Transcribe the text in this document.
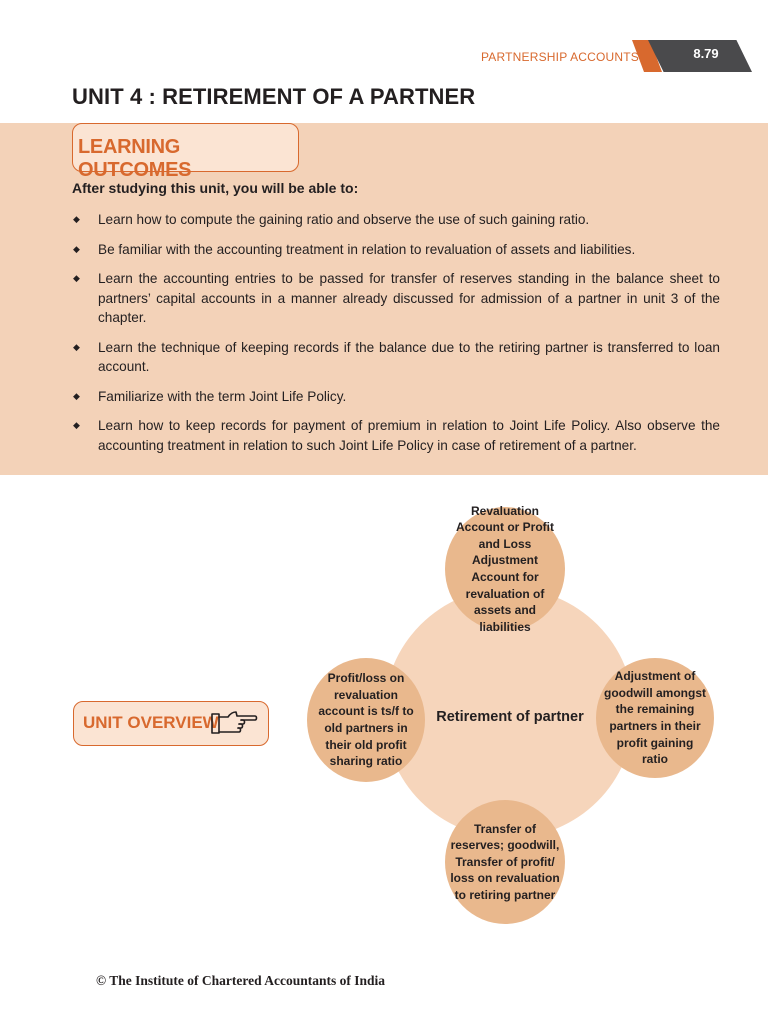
PARTNERSHIP ACCOUNTS	8.79
UNIT 4 : RETIREMENT OF A PARTNER
LEARNING OUTCOMES
After studying this unit, you will be able to:
◆ Learn how to compute the gaining ratio and observe the use of such gaining ratio.
◆ Be familiar with the accounting treatment in relation to revaluation of assets and liabilities.
◆ Learn the accounting entries to be passed for transfer of reserves standing in the balance sheet to partners’ capital accounts in a manner already discussed for admission of a partner in unit 3 of the chapter.
◆ Learn the technique of keeping records if the balance due to the retiring partner is transferred to loan account.
◆ Familiarize with the term Joint Life Policy.
◆ Learn how to keep records for payment of premium in relation to Joint Life Policy. Also observe the accounting treatment in relation to such Joint Life Policy in case of retirement of a partner.
UNIT OVERVIEW	Retirement of partner
Revaluation Account or Profit and Loss Adjustment Account for revaluation of assets and liabilities
Profit/loss on revaluation account is ts/f to old partners in their old profit sharing ratio
Adjustment of goodwill amongst the remaining partners in their profit gaining ratio
Transfer of reserves; goodwill, Transfer of profit/ loss on revaluation to retiring partner
© The Institute of Chartered Accountants of India
